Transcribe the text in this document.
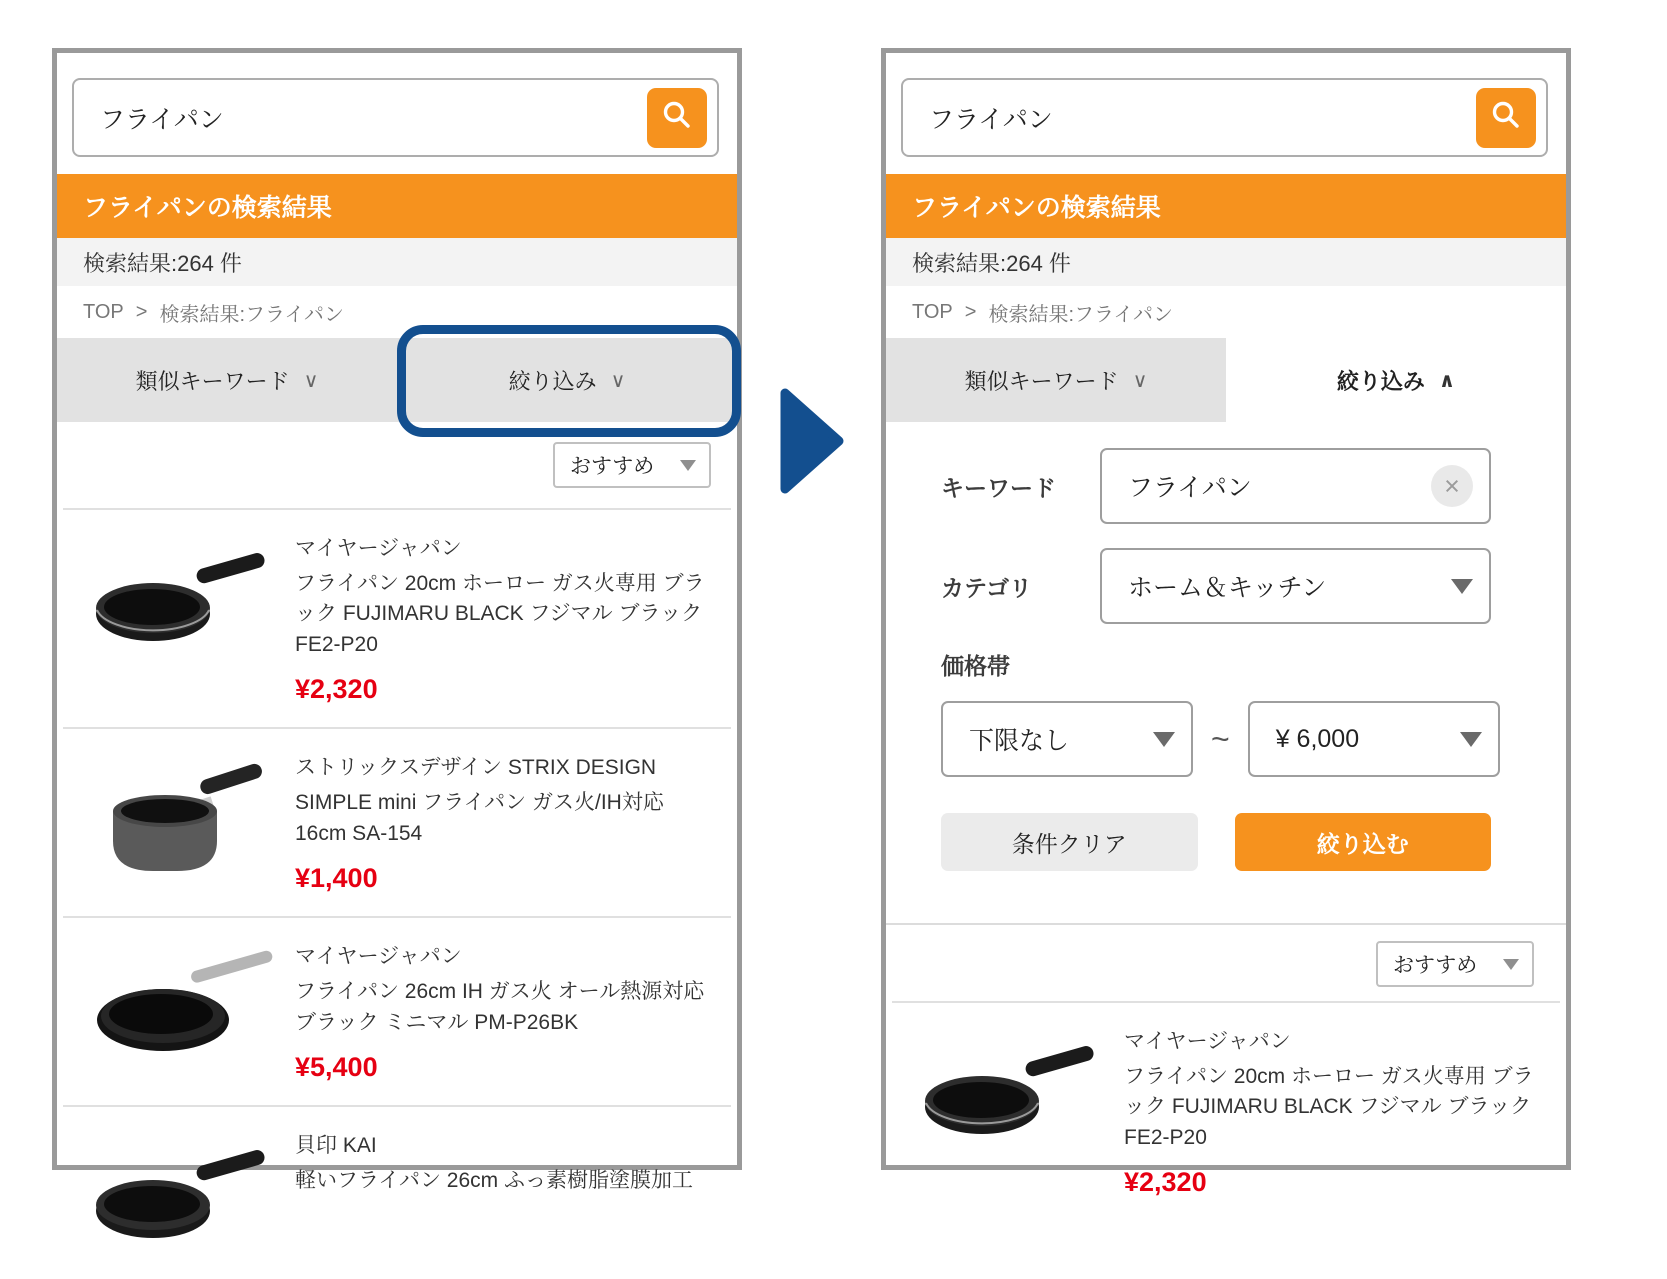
フライパン
フライパンの検索結果
検索結果:264 件
TOP > 検索結果:フライパン
類似キーワード ∨	絞り込み ∨
おすすめ
マイヤージャパン
フライパン 20cm ホーロー ガス火専用 ブラック FUJIMARU BLACK フジマル ブラック FE2-P20
¥2,320
ストリックスデザイン STRIX DESIGN
SIMPLE mini フライパン ガス火/IH対応 16cm SA-154
¥1,400
マイヤージャパン
フライパン 26cm IH ガス火 オール熱源対応 ブラック ミニマル PM-P26BK
¥5,400
貝印 KAI
軽いフライパン 26cm ふっ素樹脂塗膜加工
フライパン
フライパンの検索結果
検索結果:264 件
TOP > 検索結果:フライパン
類似キーワード ∨	絞り込み ∧
キーワード	フライパン	×
カテゴリ	ホーム＆キッチン
価格帯
下限なし	~ ¥ 6,000
条件クリア	絞り込む
おすすめ
マイヤージャパン
フライパン 20cm ホーロー ガス火専用 ブラック FUJIMARU BLACK フジマル ブラック FE2-P20
¥2,320
